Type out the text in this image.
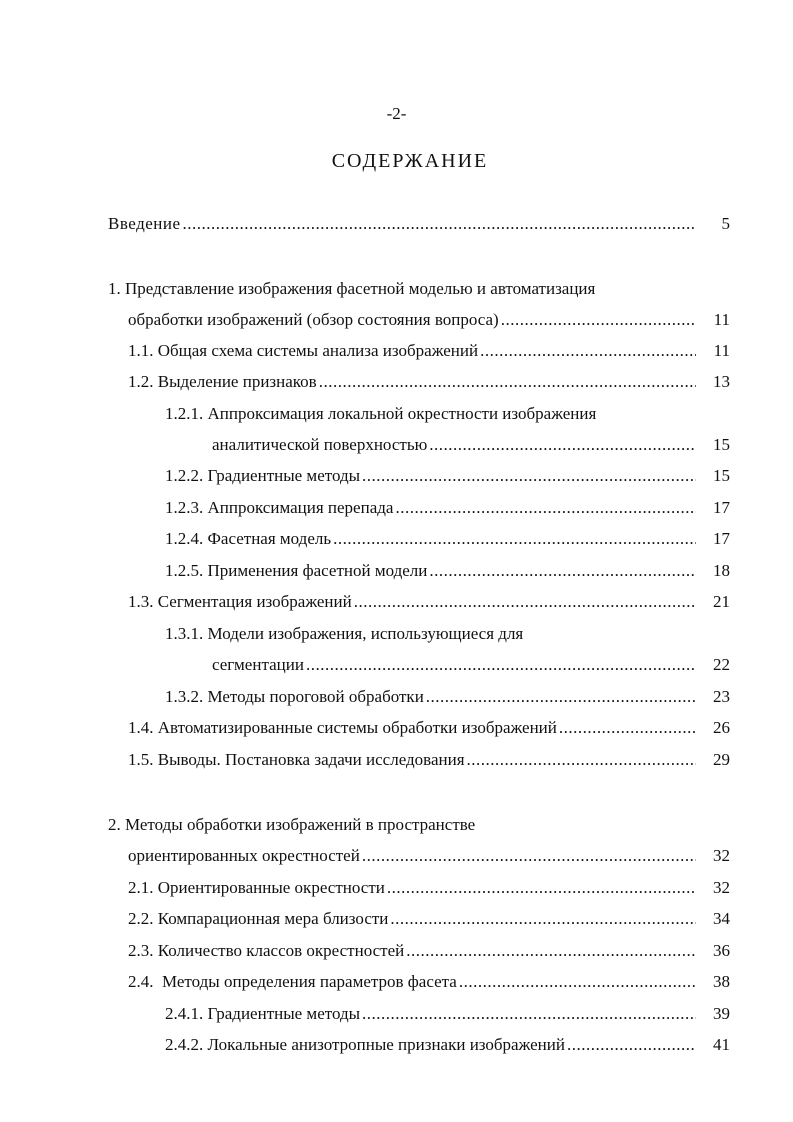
-2-
СОДЕРЖАНИЕ
Введение .....	5
1. Представление изображения фасетной моделью и автоматизация
обработки изображений (обзор состояния вопроса) .....	11
1.1. Общая схема системы анализа изображений .....	11
1.2. Выделение признаков .....	13
1.2.1. Аппроксимация локальной окрестности изображения
аналитической поверхностью .....	15
1.2.2. Градиентные методы .....	15
1.2.3. Аппроксимация перепада .....	17
1.2.4. Фасетная модель .....	17
1.2.5. Применения фасетной модели .....	18
1.3. Сегментация изображений .....	21
1.3.1. Модели изображения, использующиеся для
сегментации .....	22
1.3.2. Методы пороговой обработки .....	23
1.4. Автоматизированные системы обработки изображений .....	26
1.5. Выводы. Постановка задачи исследования .....	29
2. Методы обработки изображений в пространстве
ориентированных окрестностей .....	32
2.1. Ориентированные окрестности .....	32
2.2. Компарационная мера близости .....	34
2.3. Количество классов окрестностей .....	36
2.4.  Методы определения параметров фасета .....	38
2.4.1. Градиентные методы .....	39
2.4.2. Локальные анизотропные признаки изображений .....	41
